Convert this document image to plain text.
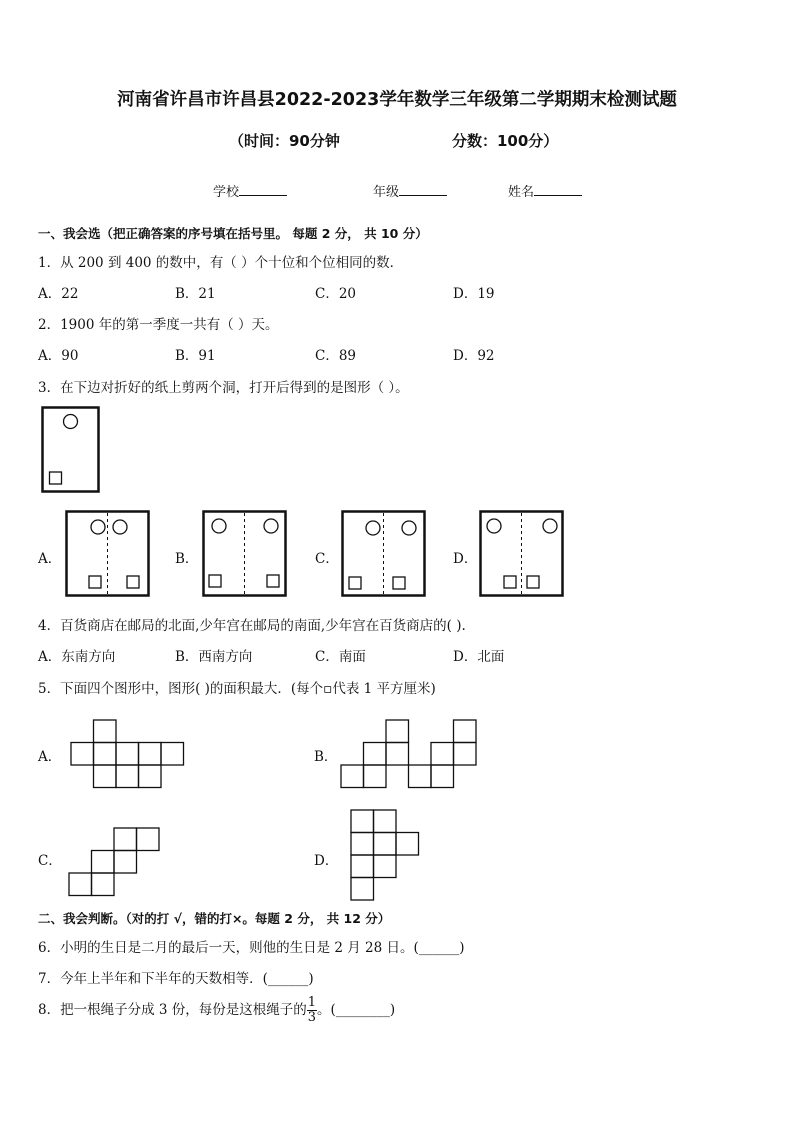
河南省许昌市许昌县2022-2023学年数学三年级第二学期期末检测试题
（时间：90分钟	分数：100分）
学校	年级	姓名
一、我会选（把正确答案的序号填在括号里。 每题 2 分， 共 10 分）
1．从 200 到 400 的数中，有（ ）个十位和个位相同的数．
A．22	B．21	C．20	D．19
2．1900 年的第一季度一共有（ ）天。
A．90	B．91	C．89	D．92
3．在下边对折好的纸上剪两个洞，打开后得到的是图形（ ）。
A．	B．	C．	D．
4．百货商店在邮局的北面,少年宫在邮局的南面,少年宫在百货商店的( ).
A．东南方向	B．西南方向	C．南面	D．北面
5．下面四个图形中，图形( )的面积最大．(每个▫代表 1 平方厘米)
A．	B．
C．	D．
二、我会判断。（对的打 √，错的打×。每题 2 分， 共 12 分）
6．小明的生日是二月的最后一天，则他的生日是 2 月 28 日。(______)
7．今年上半年和下半年的天数相等．(______)
8．把一根绳子分成 3 份，每份是这根绳子的 $\frac{1}{3}$ 。(________)
